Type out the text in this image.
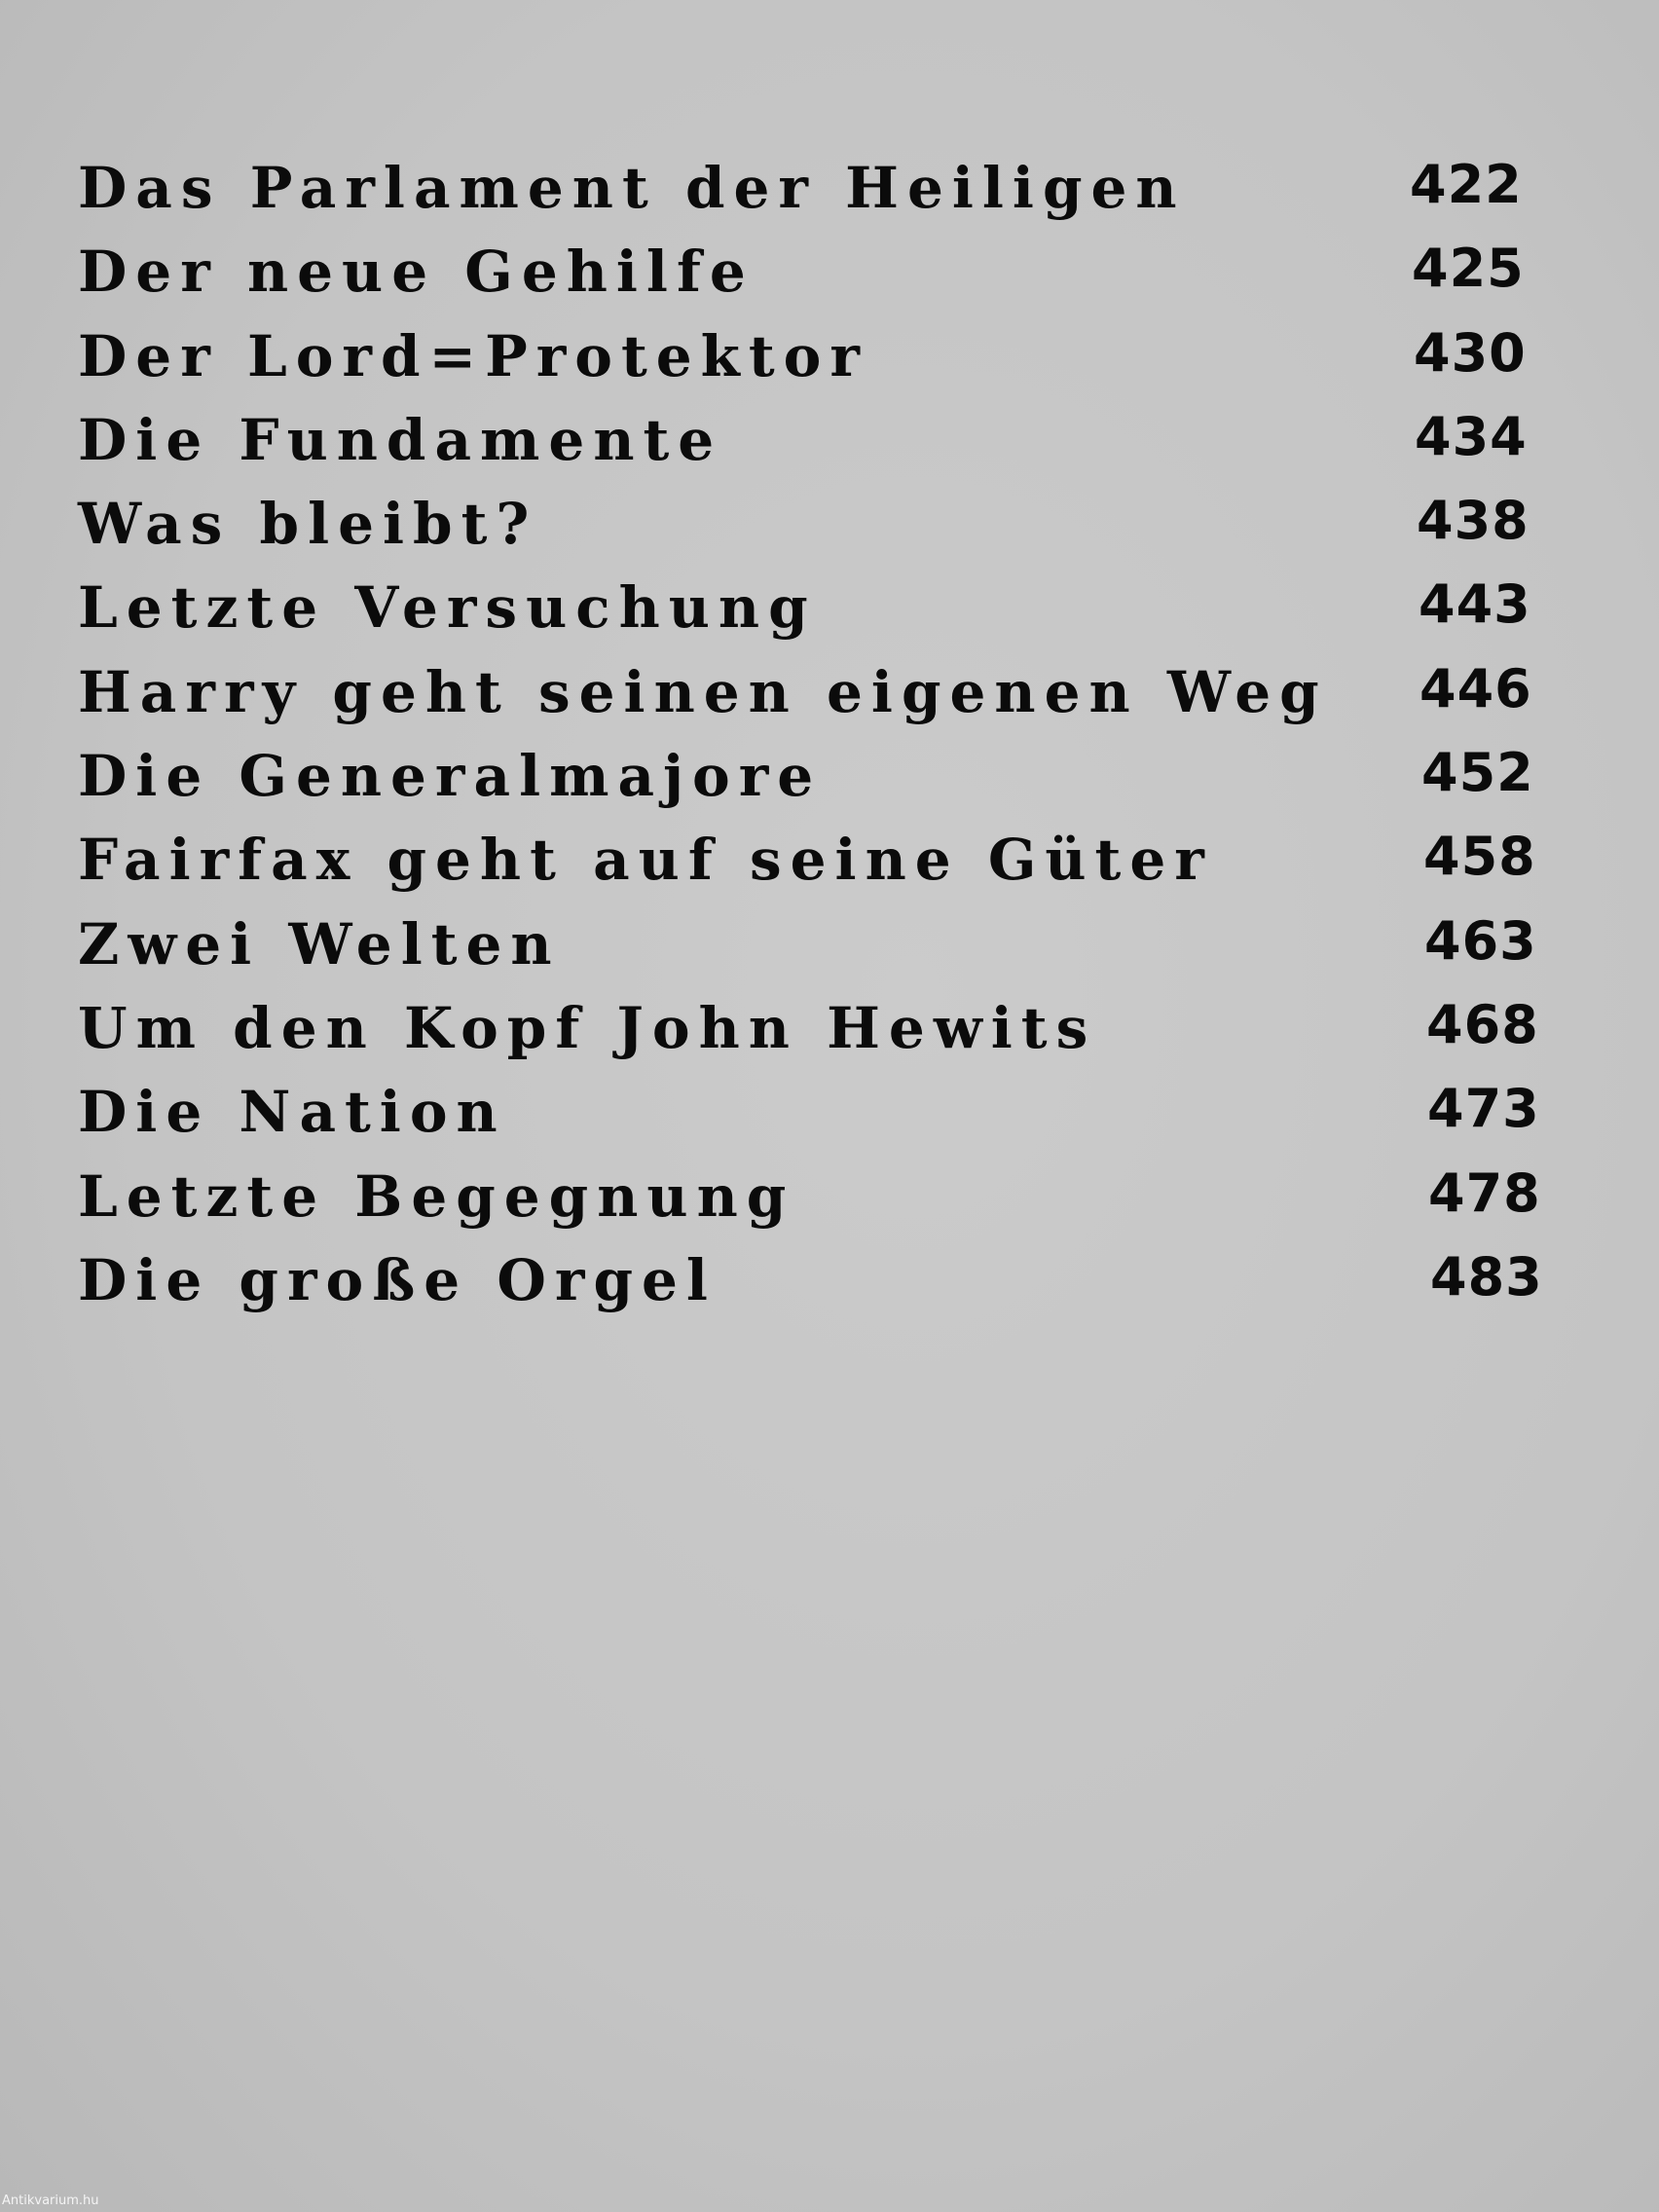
Das Parlament der Heiligen	422
Der neue Gehilfe	425
Der Lord=Protektor	430
Die Fundamente	434
Was bleibt?	438
Letzte Versuchung	443
Harry geht seinen eigenen Weg 446
Die Generalmajore	452
Fairfax geht auf seine Güter	458
Zwei Welten	463
Um den Kopf John Hewits	468
Die Nation	473
Letzte Begegnung	478
Die große Orgel	483
Antikvarium.hu
